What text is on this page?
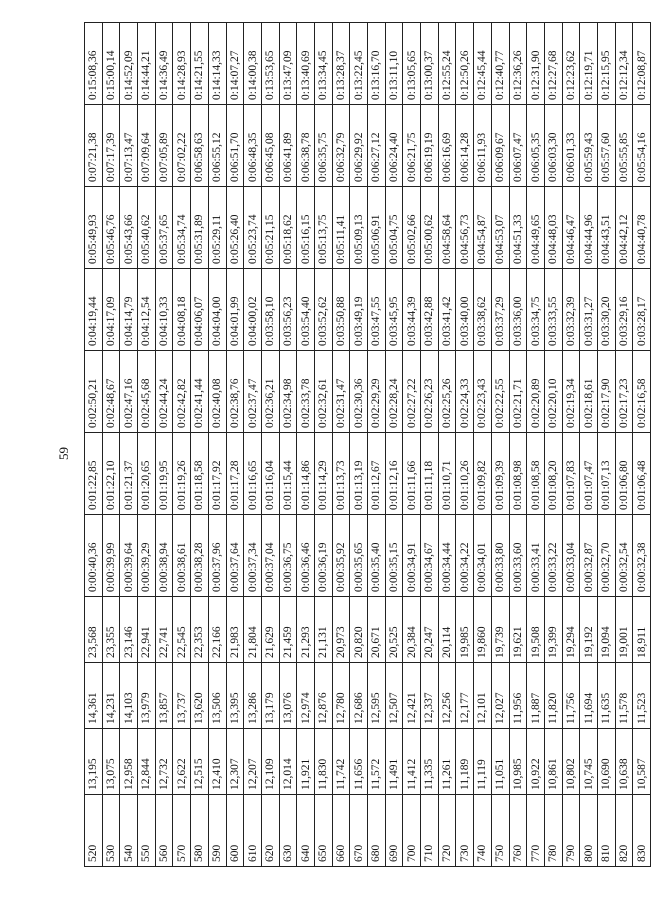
59
520	13,195	14,361	23,568	0:00:40,36	0:01:22,85	0:02:50,21	0:04:19,44	0:05:49,93	0:07:21,38	0:15:08,36
530	13,075	14,231	23,355	0:00:39,99	0:01:22,10	0:02:48,67	0:04:17,09	0:05:46,76	0:07:17,39	0:15:00,14
540	12,958	14,103	23,146	0:00:39,64	0:01:21,37	0:02:47,16	0:04:14,79	0:05:43,66	0:07:13,47	0:14:52,09
550	12,844	13,979	22,941	0:00:39,29	0:01:20,65	0:02:45,68	0:04:12,54	0:05:40,62	0:07:09,64	0:14:44,21
560	12,732	13,857	22,741	0:00:38,94	0:01:19,95	0:02:44,24	0:04:10,33	0:05:37,65	0:07:05,89	0:14:36,49
570	12,622	13,737	22,545	0:00:38,61	0:01:19,26	0:02:42,82	0:04:08,18	0:05:34,74	0:07:02,22	0:14:28,93
580	12,515	13,620	22,353	0:00:38,28	0:01:18,58	0:02:41,44	0:04:06,07	0:05:31,89	0:06:58,63	0:14:21,55
590	12,410	13,506	22,166	0:00:37,96	0:01:17,92	0:02:40,08	0:04:04,00	0:05:29,11	0:06:55,12	0:14:14,33
600	12,307	13,395	21,983	0:00:37,64	0:01:17,28	0:02:38,76	0:04:01,99	0:05:26,40	0:06:51,70	0:14:07,27
610	12,207	13,286	21,804	0:00:37,34	0:01:16,65	0:02:37,47	0:04:00,02	0:05:23,74	0:06:48,35	0:14:00,38
620	12,109	13,179	21,629	0:00:37,04	0:01:16,04	0:02:36,21	0:03:58,10	0:05:21,15	0:06:45,08	0:13:53,65
630	12,014	13,076	21,459	0:00:36,75	0:01:15,44	0:02:34,98	0:03:56,23	0:05:18,62	0:06:41,89	0:13:47,09
640	11,921	12,974	21,293	0:00:36,46	0:01:14,86	0:02:33,78	0:03:54,40	0:05:16,15	0:06:38,78	0:13:40,69
650	11,830	12,876	21,131	0:00:36,19	0:01:14,29	0:02:32,61	0:03:52,62	0:05:13,75	0:06:35,75	0:13:34,45
660	11,742	12,780	20,973	0:00:35,92	0:01:13,73	0:02:31,47	0:03:50,88	0:05:11,41	0:06:32,79	0:13:28,37
670	11,656	12,686	20,820	0:00:35,65	0:01:13,19	0:02:30,36	0:03:49,19	0:05:09,13	0:06:29,92	0:13:22,45
680	11,572	12,595	20,671	0:00:35,40	0:01:12,67	0:02:29,29	0:03:47,55	0:05:06,91	0:06:27,12	0:13:16,70
690	11,491	12,507	20,525	0:00:35,15	0:01:12,16	0:02:28,24	0:03:45,95	0:05:04,75	0:06:24,40	0:13:11,10
700	11,412	12,421	20,384	0:00:34,91	0:01:11,66	0:02:27,22	0:03:44,39	0:05:02,66	0:06:21,75	0:13:05,65
710	11,335	12,337	20,247	0:00:34,67	0:01:11,18	0:02:26,23	0:03:42,88	0:05:00,62	0:06:19,19	0:13:00,37
720	11,261	12,256	20,114	0:00:34,44	0:01:10,71	0:02:25,26	0:03:41,42	0:04:58,64	0:06:16,69	0:12:55,24
730	11,189	12,177	19,985	0:00:34,22	0:01:10,26	0:02:24,33	0:03:40,00	0:04:56,73	0:06:14,28	0:12:50,26
740	11,119	12,101	19,860	0:00:34,01	0:01:09,82	0:02:23,43	0:03:38,62	0:04:54,87	0:06:11,93	0:12:45,44
750	11,051	12,027	19,739	0:00:33,80	0:01:09,39	0:02:22,55	0:03:37,29	0:04:53,07	0:06:09,67	0:12:40,77
760	10,985	11,956	19,621	0:00:33,60	0:01:08,98	0:02:21,71	0:03:36,00	0:04:51,33	0:06:07,47	0:12:36,26
770	10,922	11,887	19,508	0:00:33,41	0:01:08,58	0:02:20,89	0:03:34,75	0:04:49,65	0:06:05,35	0:12:31,90
780	10,861	11,820	19,399	0:00:33,22	0:01:08,20	0:02:20,10	0:03:33,55	0:04:48,03	0:06:03,30	0:12:27,68
790	10,802	11,756	19,294	0:00:33,04	0:01:07,83	0:02:19,34	0:03:32,39	0:04:46,47	0:06:01,33	0:12:23,62
800	10,745	11,694	19,192	0:00:32,87	0:01:07,47	0:02:18,61	0:03:31,27	0:04:44,96	0:05:59,43	0:12:19,71
810	10,690	11,635	19,094	0:00:32,70	0:01:07,13	0:02:17,90	0:03:30,20	0:04:43,51	0:05:57,60	0:12:15,95
820	10,638	11,578	19,001	0:00:32,54	0:01:06,80	0:02:17,23	0:03:29,16	0:04:42,12	0:05:55,85	0:12:12,34
830	10,587	11,523	18,911	0:00:32,38	0:01:06,48	0:02:16,58	0:03:28,17	0:04:40,78	0:05:54,16	0:12:08,87
